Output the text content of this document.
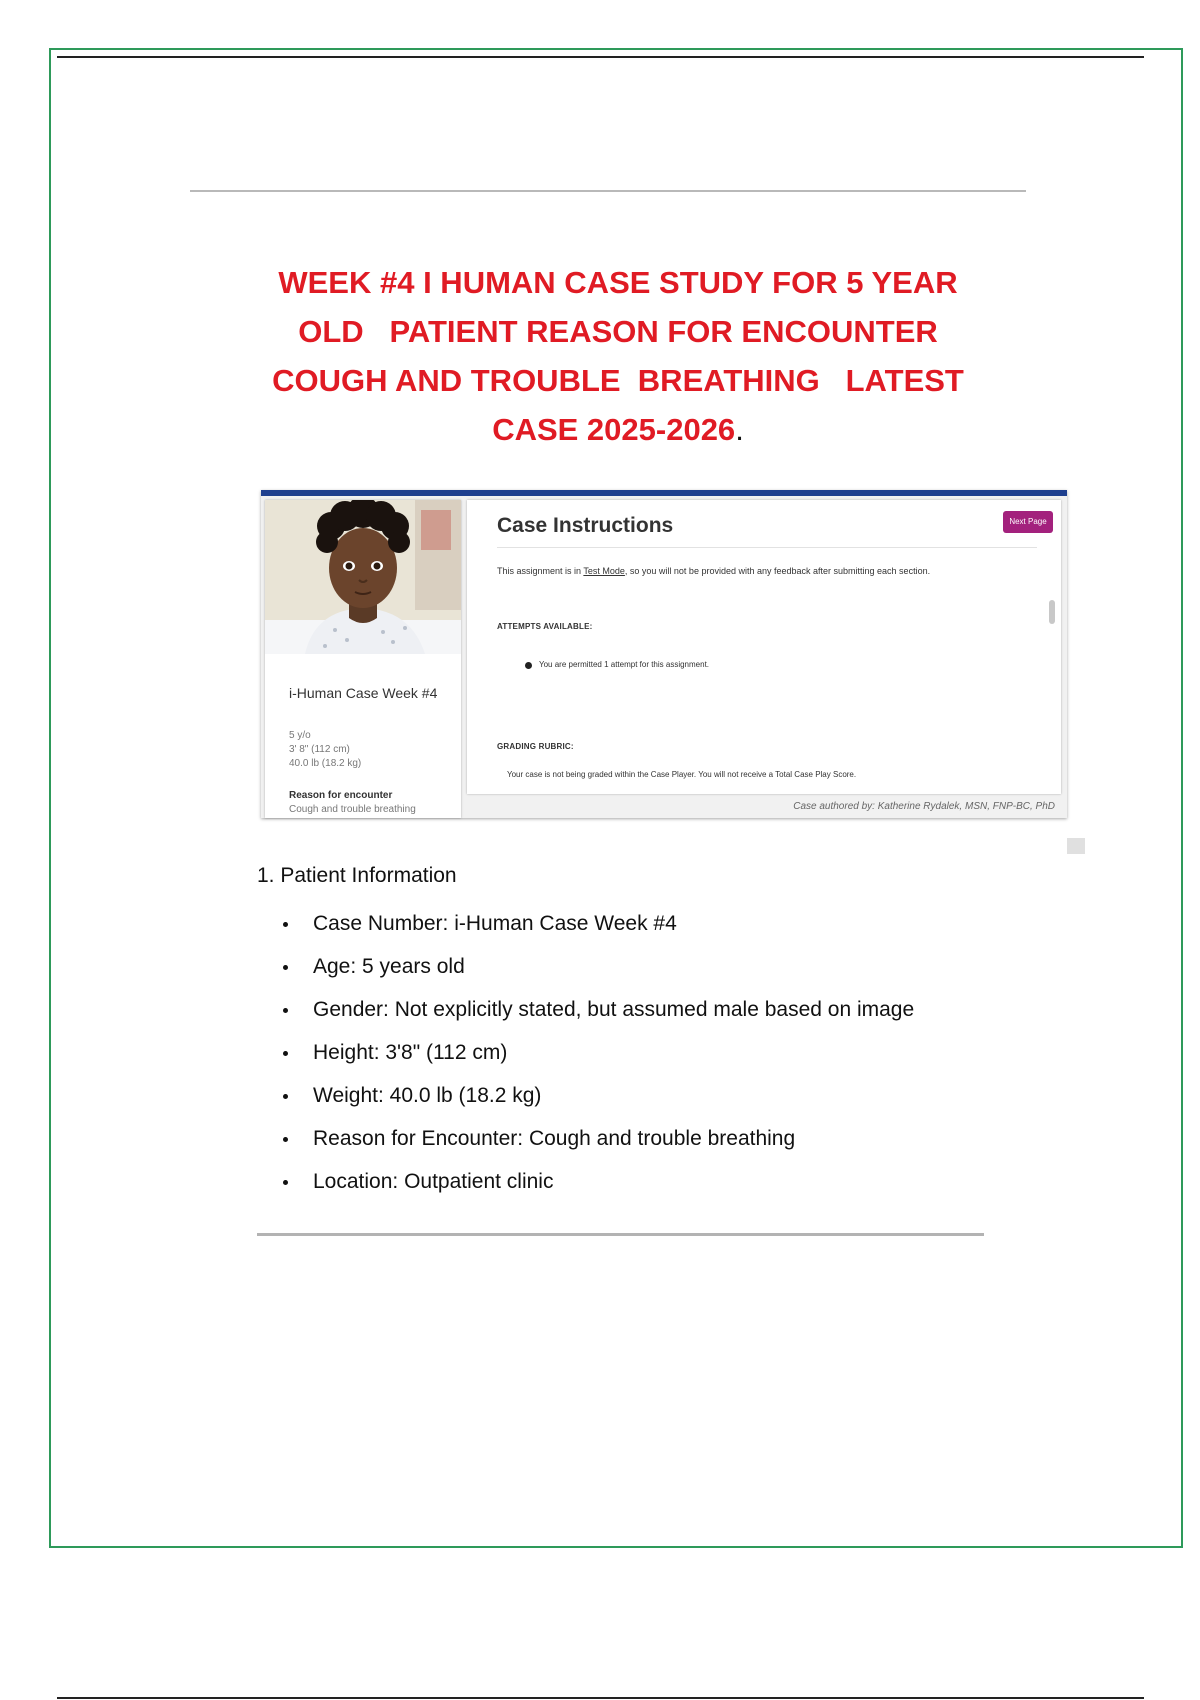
WEEK #4 I HUMAN CASE STUDY FOR 5 YEAR
OLD   PATIENT REASON FOR ENCOUNTER
COUGH AND TROUBLE  BREATHING   LATEST
CASE 2025-2026.
i-Human Case Week #4
5 y/o
3' 8" (112 cm)
40.0 lb (18.2 kg)
Reason for encounter
Cough and trouble breathing
Case Instructions	Next Page
This assignment is in Test Mode, so you will not be provided with any feedback after submitting each section.
ATTEMPTS AVAILABLE:
You are permitted 1 attempt for this assignment.
GRADING RUBRIC:
Your case is not being graded within the Case Player. You will not receive a Total Case Play Score.
Case authored by: Katherine Rydalek, MSN, FNP-BC, PhD
1. Patient Information
Case Number: i-Human Case Week #4
Age: 5 years old
Gender: Not explicitly stated, but assumed male based on image
Height: 3'8" (112 cm)
Weight: 40.0 lb (18.2 kg)
Reason for Encounter: Cough and trouble breathing
Location: Outpatient clinic
